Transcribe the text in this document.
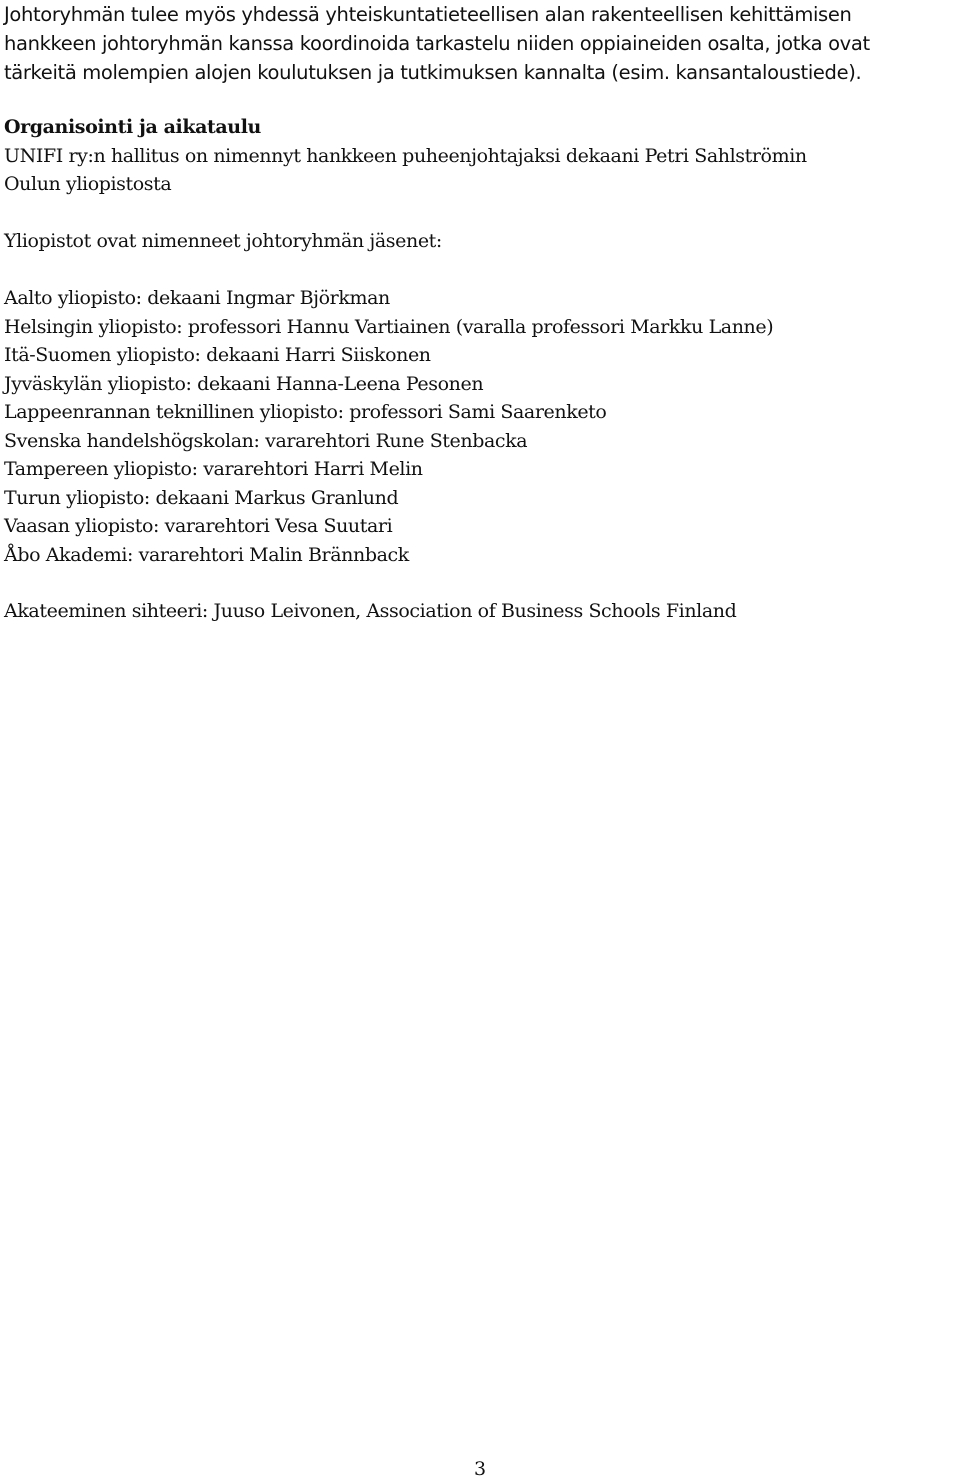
Johtoryhmän tulee myös yhdessä yhteiskuntatieteellisen alan rakenteellisen kehittämisen
hankkeen johtoryhmän kanssa koordinoida tarkastelu niiden oppiaineiden osalta, jotka ovat
tärkeitä molempien alojen koulutuksen ja tutkimuksen kannalta (esim. kansantaloustiede).
Organisointi ja aikataulu
UNIFI ry:n hallitus on nimennyt hankkeen puheenjohtajaksi dekaani Petri Sahlströmin
Oulun yliopistosta
Yliopistot ovat nimenneet johtoryhmän jäsenet:
Aalto yliopisto: dekaani Ingmar Björkman
Helsingin yliopisto: professori Hannu Vartiainen (varalla professori Markku Lanne)
Itä-Suomen yliopisto: dekaani Harri Siiskonen
Jyväskylän yliopisto: dekaani Hanna-Leena Pesonen
Lappeenrannan teknillinen yliopisto: professori Sami Saarenketo
Svenska handelshögskolan: vararehtori Rune Stenbacka
Tampereen yliopisto: vararehtori Harri Melin
Turun yliopisto: dekaani Markus Granlund
Vaasan yliopisto: vararehtori Vesa Suutari
Åbo Akademi: vararehtori Malin Brännback
Akateeminen sihteeri: Juuso Leivonen, Association of Business Schools Finland
3
